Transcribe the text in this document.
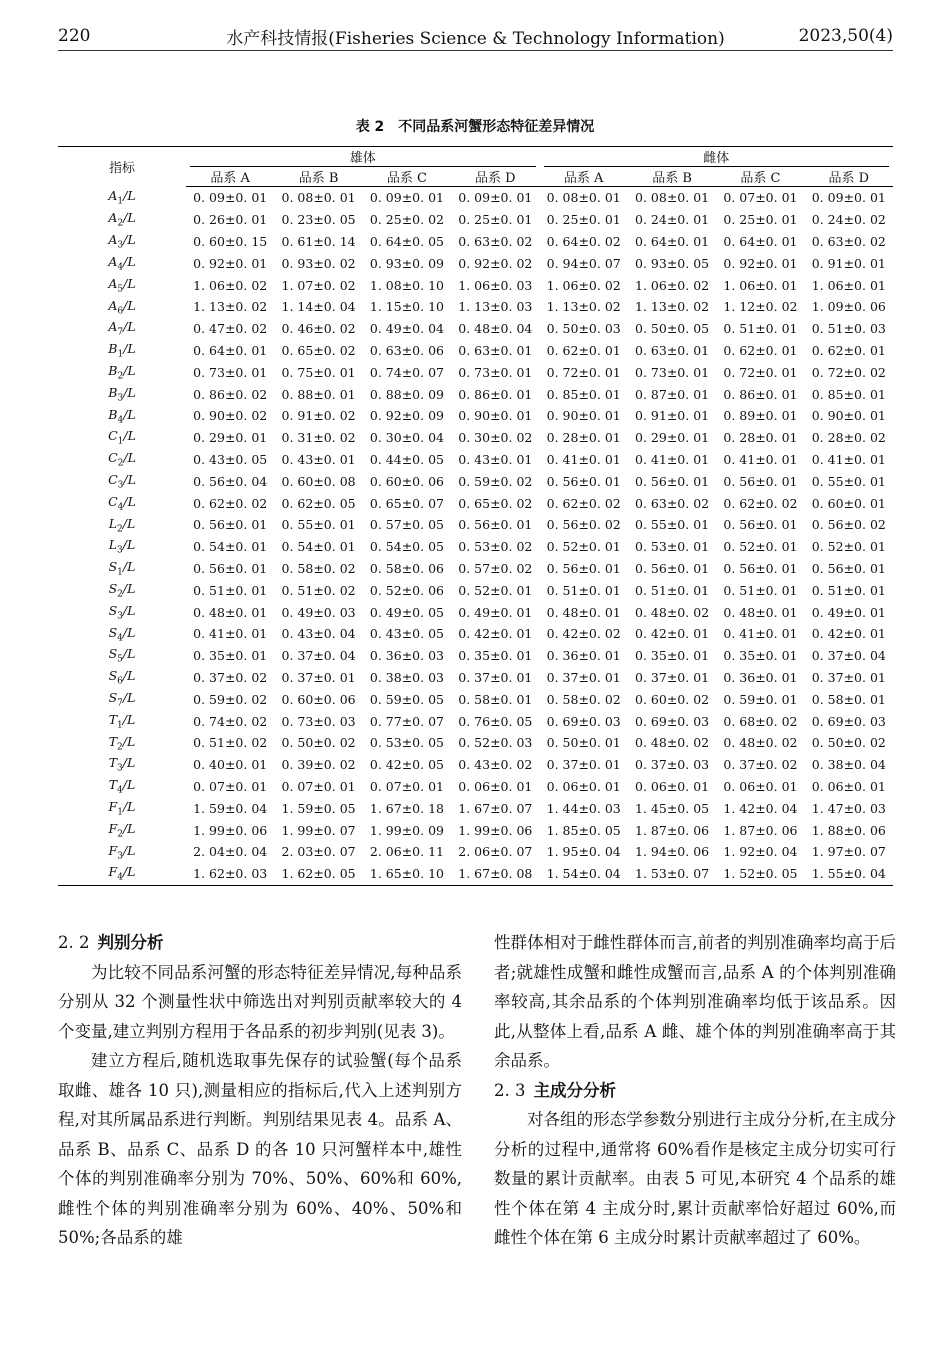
220	水产科技情报(Fisheries Science & Technology Information)	2023,50(4)
表 2　不同品系河蟹形态特征差异情况
指标	雄体				雌体			

	品系 A	品系 B	品系 C	品系 D	品系 A	品系 B	品系 C	品系 D
$A_1/L$	0. 09±0. 01	0. 08±0. 01	0. 09±0. 01	0. 09±0. 01	0. 08±0. 01	0. 08±0. 01	0. 07±0. 01	0. 09±0. 01
$A_2/L$	0. 26±0. 01	0. 23±0. 05	0. 25±0. 02	0. 25±0. 01	0. 25±0. 01	0. 24±0. 01	0. 25±0. 01	0. 24±0. 02
$A_3/L$	0. 60±0. 15	0. 61±0. 14	0. 64±0. 05	0. 63±0. 02	0. 64±0. 02	0. 64±0. 01	0. 64±0. 01	0. 63±0. 02
$A_4/L$	0. 92±0. 01	0. 93±0. 02	0. 93±0. 09	0. 92±0. 02	0. 94±0. 07	0. 93±0. 05	0. 92±0. 01	0. 91±0. 01
$A_5/L$	1. 06±0. 02	1. 07±0. 02	1. 08±0. 10	1. 06±0. 03	1. 06±0. 02	1. 06±0. 02	1. 06±0. 01	1. 06±0. 01
$A_6/L$	1. 13±0. 02	1. 14±0. 04	1. 15±0. 10	1. 13±0. 03	1. 13±0. 02	1. 13±0. 02	1. 12±0. 02	1. 09±0. 06
$A_7/L$	0. 47±0. 02	0. 46±0. 02	0. 49±0. 04	0. 48±0. 04	0. 50±0. 03	0. 50±0. 05	0. 51±0. 01	0. 51±0. 03
$B_1/L$	0. 64±0. 01	0. 65±0. 02	0. 63±0. 06	0. 63±0. 01	0. 62±0. 01	0. 63±0. 01	0. 62±0. 01	0. 62±0. 01
$B_2/L$	0. 73±0. 01	0. 75±0. 01	0. 74±0. 07	0. 73±0. 01	0. 72±0. 01	0. 73±0. 01	0. 72±0. 01	0. 72±0. 02
$B_3/L$	0. 86±0. 02	0. 88±0. 01	0. 88±0. 09	0. 86±0. 01	0. 85±0. 01	0. 87±0. 01	0. 86±0. 01	0. 85±0. 01
$B_4/L$	0. 90±0. 02	0. 91±0. 02	0. 92±0. 09	0. 90±0. 01	0. 90±0. 01	0. 91±0. 01	0. 89±0. 01	0. 90±0. 01
$C_1/L$	0. 29±0. 01	0. 31±0. 02	0. 30±0. 04	0. 30±0. 02	0. 28±0. 01	0. 29±0. 01	0. 28±0. 01	0. 28±0. 02
$C_2/L$	0. 43±0. 05	0. 43±0. 01	0. 44±0. 05	0. 43±0. 01	0. 41±0. 01	0. 41±0. 01	0. 41±0. 01	0. 41±0. 01
$C_3/L$	0. 56±0. 04	0. 60±0. 08	0. 60±0. 06	0. 59±0. 02	0. 56±0. 01	0. 56±0. 01	0. 56±0. 01	0. 55±0. 01
$C_4/L$	0. 62±0. 02	0. 62±0. 05	0. 65±0. 07	0. 65±0. 02	0. 62±0. 02	0. 63±0. 02	0. 62±0. 02	0. 60±0. 01
$L_2/L$	0. 56±0. 01	0. 55±0. 01	0. 57±0. 05	0. 56±0. 01	0. 56±0. 02	0. 55±0. 01	0. 56±0. 01	0. 56±0. 02
$L_3/L$	0. 54±0. 01	0. 54±0. 01	0. 54±0. 05	0. 53±0. 02	0. 52±0. 01	0. 53±0. 01	0. 52±0. 01	0. 52±0. 01
$S_1/L$	0. 56±0. 01	0. 58±0. 02	0. 58±0. 06	0. 57±0. 02	0. 56±0. 01	0. 56±0. 01	0. 56±0. 01	0. 56±0. 01
$S_2/L$	0. 51±0. 01	0. 51±0. 02	0. 52±0. 06	0. 52±0. 01	0. 51±0. 01	0. 51±0. 01	0. 51±0. 01	0. 51±0. 01
$S_3/L$	0. 48±0. 01	0. 49±0. 03	0. 49±0. 05	0. 49±0. 01	0. 48±0. 01	0. 48±0. 02	0. 48±0. 01	0. 49±0. 01
$S_4/L$	0. 41±0. 01	0. 43±0. 04	0. 43±0. 05	0. 42±0. 01	0. 42±0. 02	0. 42±0. 01	0. 41±0. 01	0. 42±0. 01
$S_5/L$	0. 35±0. 01	0. 37±0. 04	0. 36±0. 03	0. 35±0. 01	0. 36±0. 01	0. 35±0. 01	0. 35±0. 01	0. 37±0. 04
$S_6/L$	0. 37±0. 02	0. 37±0. 01	0. 38±0. 03	0. 37±0. 01	0. 37±0. 01	0. 37±0. 01	0. 36±0. 01	0. 37±0. 01
$S_7/L$	0. 59±0. 02	0. 60±0. 06	0. 59±0. 05	0. 58±0. 01	0. 58±0. 02	0. 60±0. 02	0. 59±0. 01	0. 58±0. 01
$T_1/L$	0. 74±0. 02	0. 73±0. 03	0. 77±0. 07	0. 76±0. 05	0. 69±0. 03	0. 69±0. 03	0. 68±0. 02	0. 69±0. 03
$T_2/L$	0. 51±0. 02	0. 50±0. 02	0. 53±0. 05	0. 52±0. 03	0. 50±0. 01	0. 48±0. 02	0. 48±0. 02	0. 50±0. 02
$T_3/L$	0. 40±0. 01	0. 39±0. 02	0. 42±0. 05	0. 43±0. 02	0. 37±0. 01	0. 37±0. 03	0. 37±0. 02	0. 38±0. 04
$T_4/L$	0. 07±0. 01	0. 07±0. 01	0. 07±0. 01	0. 06±0. 01	0. 06±0. 01	0. 06±0. 01	0. 06±0. 01	0. 06±0. 01
$F_1/L$	1. 59±0. 04	1. 59±0. 05	1. 67±0. 18	1. 67±0. 07	1. 44±0. 03	1. 45±0. 05	1. 42±0. 04	1. 47±0. 03
$F_2/L$	1. 99±0. 06	1. 99±0. 07	1. 99±0. 09	1. 99±0. 06	1. 85±0. 05	1. 87±0. 06	1. 87±0. 06	1. 88±0. 06
$F_3/L$	2. 04±0. 04	2. 03±0. 07	2. 06±0. 11	2. 06±0. 07	1. 95±0. 04	1. 94±0. 06	1. 92±0. 04	1. 97±0. 07
$F_4/L$	1. 62±0. 03	1. 62±0. 05	1. 65±0. 10	1. 67±0. 08	1. 54±0. 04	1. 53±0. 07	1. 52±0. 05	1. 55±0. 04
2. 2 判别分析

为比较不同品系河蟹的形态特征差异情况,每种品系分别从 32 个测量性状中筛选出对判别贡献率较大的 4 个变量,建立判别方程用于各品系的初步判别(见表 3)。

建立方程后,随机选取事先保存的试验蟹(每个品系取雌、雄各 10 只),测量相应的指标后,代入上述判别方程,对其所属品系进行判断。判别结果见表 4。品系 A、品系 B、品系 C、品系 D 的各 10 只河蟹样本中,雄性个体的判别准确率分别为 70%、50%、60%和 60%,雌性个体的判别准确率分别为 60%、40%、50%和 50%;各品系的雄

性群体相对于雌性群体而言,前者的判别准确率均高于后者;就雄性成蟹和雌性成蟹而言,品系 A 的个体判别准确率较高,其余品系的个体判别准确率均低于该品系。因此,从整体上看,品系 A 雌、雄个体的判别准确率高于其余品系。

2. 3 主成分分析

对各组的形态学参数分别进行主成分分析,在主成分分析的过程中,通常将 60%看作是核定主成分切实可行数量的累计贡献率。由表 5 可见,本研究 4 个品系的雄性个体在第 4 主成分时,累计贡献率恰好超过 60%,而雌性个体在第 6 主成分时累计贡献率超过了 60%。
